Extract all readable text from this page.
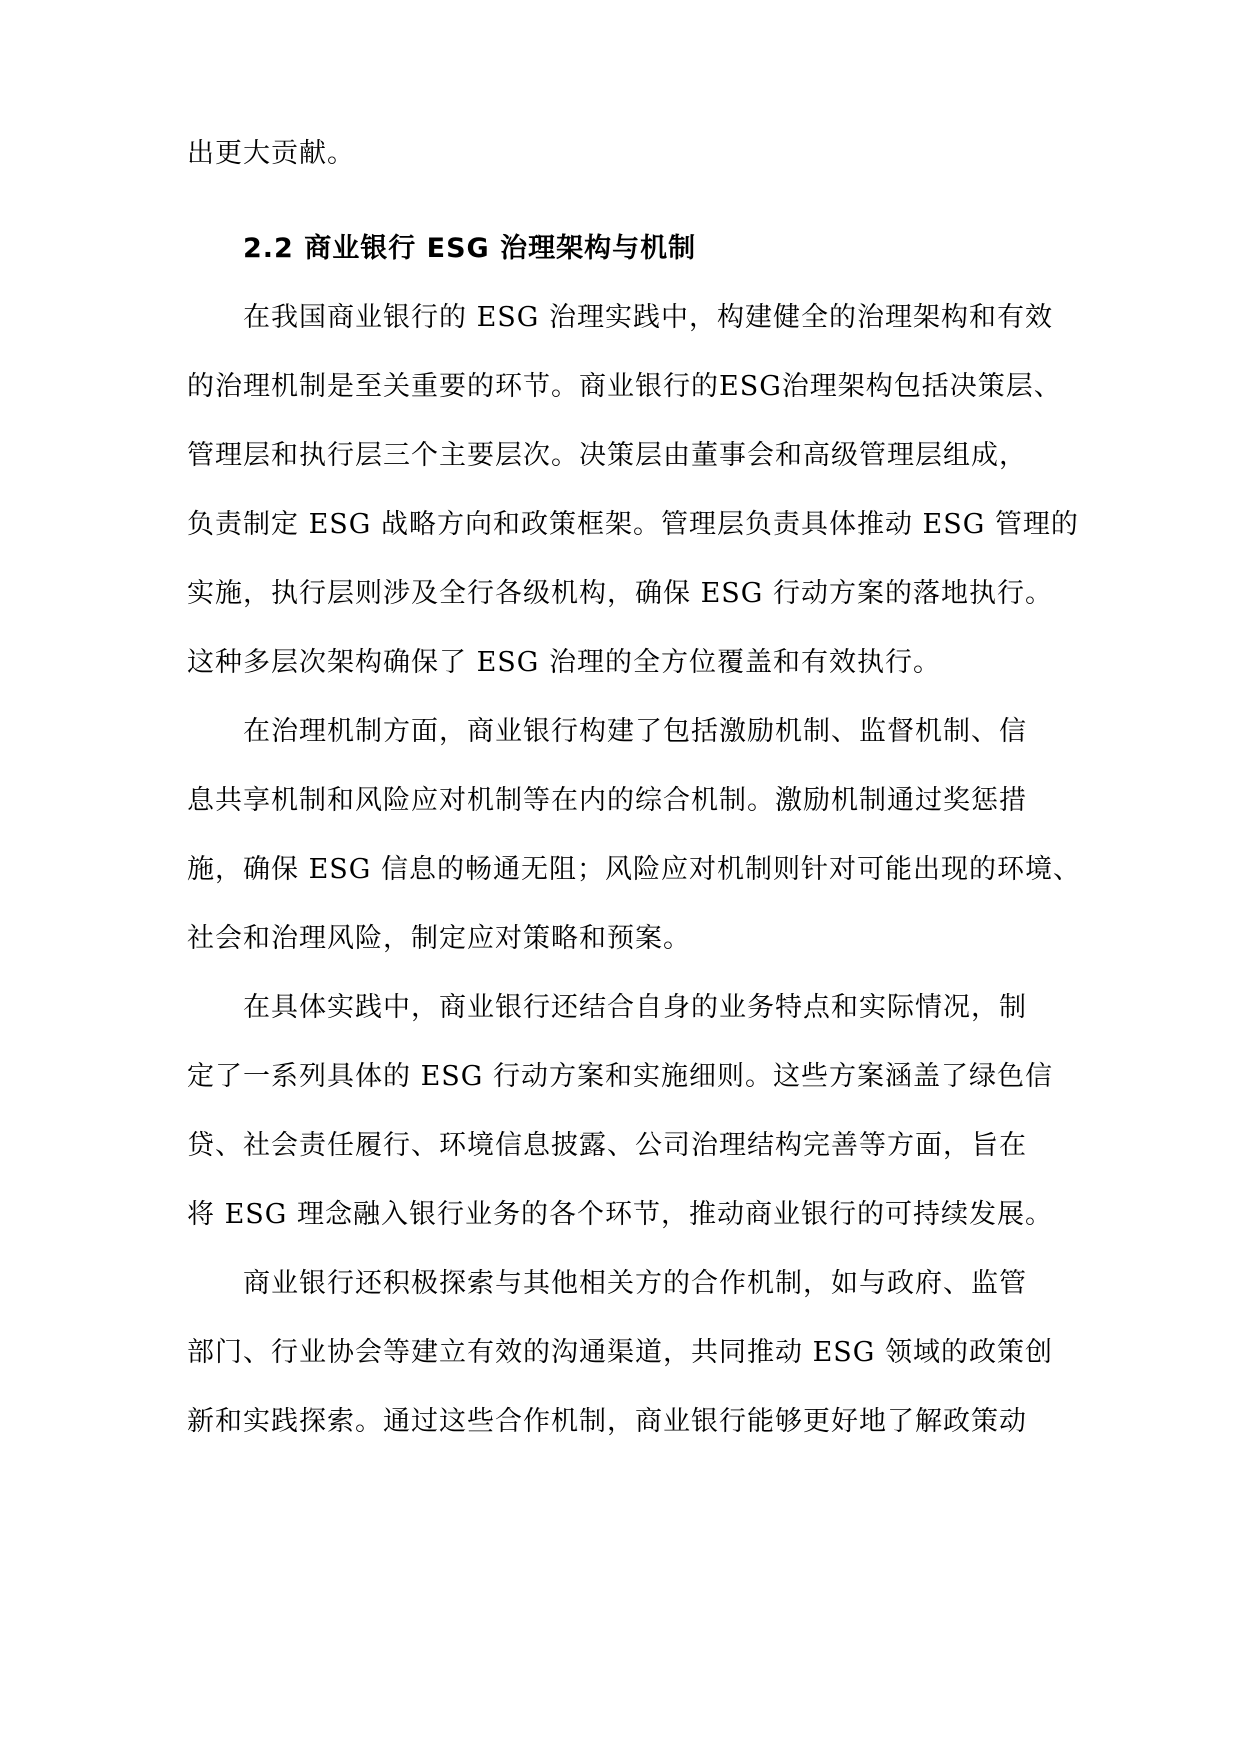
出更大贡献。
2.2 商业银行 ESG 治理架构与机制
在我国商业银行的 ESG 治理实践中，构建健全的治理架构和有效
的治理机制是至关重要的环节。商业银行的ESG治理架构包括决策层、
管理层和执行层三个主要层次。决策层由董事会和高级管理层组成，
负责制定 ESG 战略方向和政策框架。管理层负责具体推动 ESG 管理的
实施，执行层则涉及全行各级机构，确保 ESG 行动方案的落地执行。
这种多层次架构确保了 ESG 治理的全方位覆盖和有效执行。
在治理机制方面，商业银行构建了包括激励机制、监督机制、信
息共享机制和风险应对机制等在内的综合机制。激励机制通过奖惩措
施，确保 ESG 信息的畅通无阻；风险应对机制则针对可能出现的环境、
社会和治理风险，制定应对策略和预案。
在具体实践中，商业银行还结合自身的业务特点和实际情况，制
定了一系列具体的 ESG 行动方案和实施细则。这些方案涵盖了绿色信
贷、社会责任履行、环境信息披露、公司治理结构完善等方面，旨在
将 ESG 理念融入银行业务的各个环节，推动商业银行的可持续发展。
商业银行还积极探索与其他相关方的合作机制，如与政府、监管
部门、行业协会等建立有效的沟通渠道，共同推动 ESG 领域的政策创
新和实践探索。通过这些合作机制，商业银行能够更好地了解政策动
